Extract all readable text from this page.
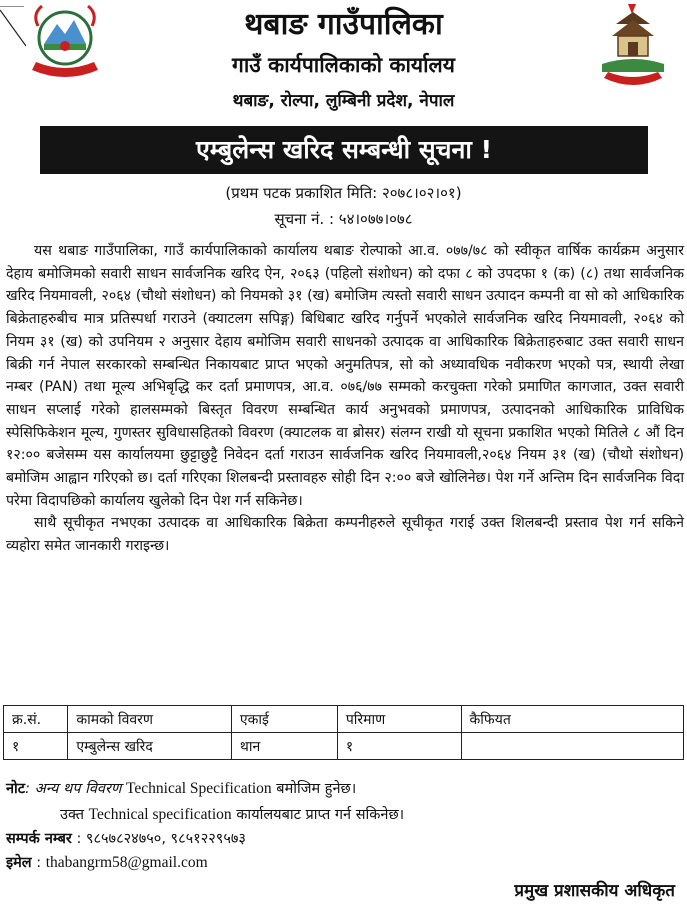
थबाङ गाउँपालिका
गाउँ कार्यपालिकाको कार्यालय
थबाङ, रोल्पा, लुम्बिनी प्रदेश, नेपाल
एम्बुलेन्स खरिद सम्बन्धी सूचना !
(प्रथम पटक प्रकाशित मिति: २०७८।०२।०१)
सूचना नं. : ५४।०७७।०७८

यस थबाङ गाउँपालिका, गाउँ कार्यपालिकाको कार्यालय थबाङ रोल्पाको आ.व. ०७७/७८ को स्वीकृत वार्षिक कार्यक्रम अनुसार देहाय बमोजिमको सवारी साधन सार्वजनिक खरिद ऐन, २०६३ (पहिलो संशोधन) को दफा ८ को उपदफा १ (क) (८) तथा सार्वजनिक खरिद नियमावली, २०६४ (चौथो संशोधन) को नियमको ३१ (ख) बमोजिम त्यस्तो सवारी साधन उत्पादन कम्पनी वा सो को आधिकारिक बिक्रेताहरुबीच मात्र प्रतिस्पर्धा गराउने (क्याटलग सपिङ्ग) बिधिबाट खरिद गर्नुपर्ने भएकोले सार्वजनिक खरिद नियमावली, २०६४ को नियम ३१ (ख) को उपनियम २ अनुसार देहाय बमोजिम सवारी साधनको उत्पादक वा आधिकारिक बिक्रेताहरुबाट उक्त सवारी साधन बिक्री गर्न नेपाल सरकारको सम्बन्धित निकायबाट प्राप्त भएको अनुमतिपत्र, सो को अध्यावधिक नवीकरण भएको पत्र, स्थायी लेखा नम्बर (PAN) तथा मूल्य अभिबृद्धि कर दर्ता प्रमाणपत्र, आ.व. ०७६/७७ सम्मको करचुक्ता गरेको प्रमाणित कागजात, उक्त सवारी साधन सप्लाई गरेको हालसम्मको बिस्तृत विवरण सम्बन्धित कार्य अनुभवको प्रमाणपत्र, उत्पादनको आधिकारिक प्राविधिक स्पेसिफिकेशन मूल्य, गुणस्तर सुविधासहितको विवरण (क्याटलक वा ब्रोसर) संलग्न राखी यो सूचना प्रकाशित भएको मितिले ८ औं दिन १२:०० बजेसम्म यस कार्यालयमा छुट्टाछुट्टै निवेदन दर्ता गराउन सार्वजनिक खरिद नियमावली,२०६४ नियम ३१ (ख) (चौथो संशोधन) बमोजिम आह्वान गरिएको छ। दर्ता गरिएका शिलबन्दी प्रस्तावहरु सोही दिन २:०० बजे खोलिनेछ। पेश गर्ने अन्तिम दिन सार्वजनिक विदा परेमा विदापछिको कार्यालय खुलेको दिन पेश गर्न सकिनेछ।

साथै सूचीकृत नभएका उत्पादक वा आधिकारिक बिक्रेता कम्पनीहरुले सूचीकृत गराई उक्त शिलबन्दी प्रस्ताव पेश गर्न सकिने व्यहोरा समेत जानकारी गराइन्छ।

क्र.सं.	कामको विवरण	एकाई	परिमाण	कैफियत
१	एम्बुलेन्स खरिद	थान	१	
नोट: अन्य थप विवरण Technical Specification बमोजिम हुनेछ।
उक्त Technical specification कार्यालयबाट प्राप्त गर्न सकिनेछ।
सम्पर्क नम्बर : ९८५७८२४७५०, ९८५१२२९५७३
इमेल : thabangrm58@gmail.com
प्रमुख प्रशासकीय अधिकृत
